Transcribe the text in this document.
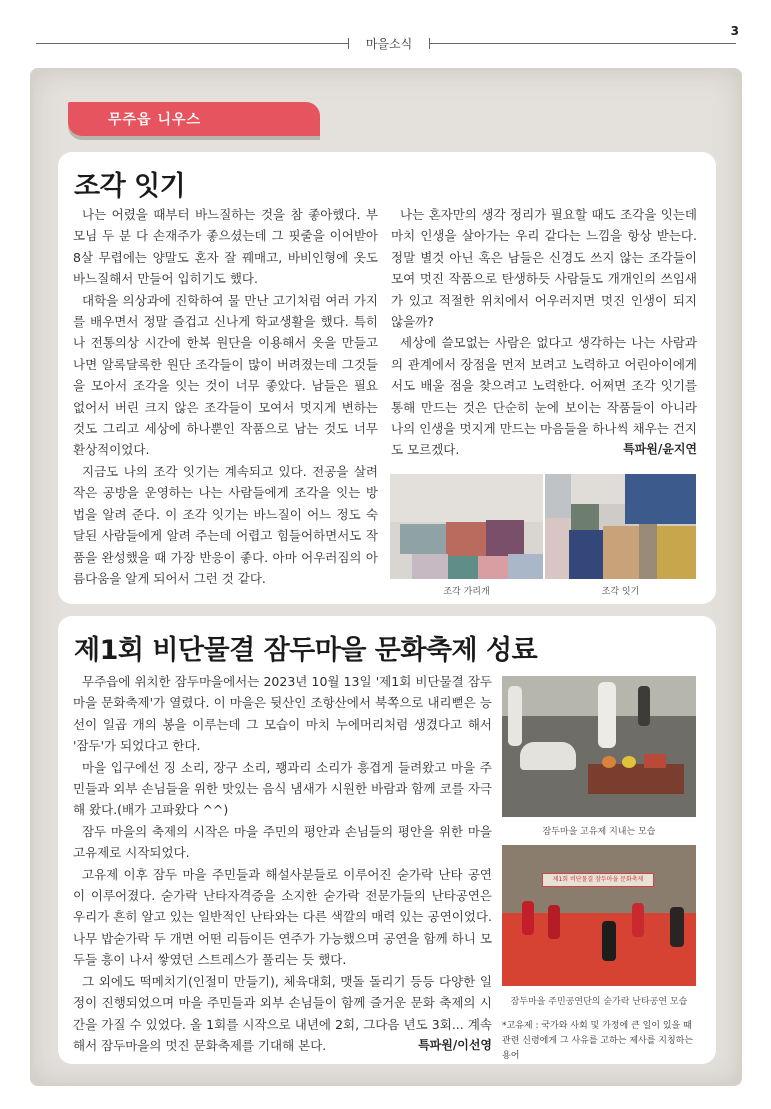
3
마을소식
무주읍 니우스
조각 잇기

나는 어렸을 때부터 바느질하는 것을 참 좋아했다. 부모님 두 분 다 손재주가 좋으셨는데 그 핏줄을 이어받아 8살 무렵에는 양말도 혼자 잘 꿰매고, 바비인형에 옷도 바느질해서 만들어 입히기도 했다.

대학을 의상과에 진학하여 물 만난 고기처럼 여러 가지를 배우면서 정말 즐겁고 신나게 학교생활을 했다. 특히 나 전통의상 시간에 한복 원단을 이용해서 옷을 만들고 나면 알록달록한 원단 조각들이 많이 버려졌는데 그것들을 모아서 조각을 잇는 것이 너무 좋았다. 남들은 필요 없어서 버린 크지 않은 조각들이 모여서 멋지게 변하는 것도 그리고 세상에 하나뿐인 작품으로 남는 것도 너무 환상적이었다.

지금도 나의 조각 잇기는 계속되고 있다. 전공을 살려 작은 공방을 운영하는 나는 사람들에게 조각을 잇는 방법을 알려 준다. 이 조각 잇기는 바느질이 어느 정도 숙달된 사람들에게 알려 주는데 어렵고 힘들어하면서도 작품을 완성했을 때 가장 반응이 좋다. 아마 어우러짐의 아름다움을 알게 되어서 그런 것 같다.

나는 혼자만의 생각 정리가 필요할 때도 조각을 잇는데 마치 인생을 살아가는 우리 같다는 느낌을 항상 받는다. 정말 별것 아닌 혹은 남들은 신경도 쓰지 않는 조각들이 모여 멋진 작품으로 탄생하듯 사람들도 개개인의 쓰임새가 있고 적절한 위치에서 어우러지면 멋진 인생이 되지 않을까?

세상에 쓸모없는 사람은 없다고 생각하는 나는 사람과의 관계에서 장점을 먼저 보려고 노력하고 어린아이에게서도 배울 점을 찾으려고 노력한다. 어쩌면 조각 잇기를 통해 만드는 것은 단순히 눈에 보이는 작품들이 아니라 나의 인생을 멋지게 만드는 마음들을 하나씩 채우는 건지도 모르겠다.	특파원/윤지연

조각 가리개	조각 잇기
제1회 비단물결 잠두마을 문화축제 성료

무주읍에 위치한 잠두마을에서는 2023년 10월 13일 '제1회 비단물결 잠두마을 문화축제'가 열렸다. 이 마을은 뒷산인 조항산에서 북쪽으로 내리뻗은 능선이 일곱 개의 봉을 이루는데 그 모습이 마치 누에머리처럼 생겼다고 해서 '잠두'가 되었다고 한다.

마을 입구에선 징 소리, 장구 소리, 꽹과리 소리가 흥겹게 들려왔고 마을 주민들과 외부 손님들을 위한 맛있는 음식 냄새가 시원한 바람과 함께 코를 자극해 왔다.(배가 고파왔다 ^^)

잠두 마을의 축제의 시작은 마을 주민의 평안과 손님들의 평안을 위한 마을 고유제로 시작되었다.

고유제 이후 잠두 마을 주민들과 해설사분들로 이루어진 숟가락 난타 공연이 이루어졌다. 숟가락 난타자격증을 소지한 숟가락 전문가들의 난타공연은 우리가 흔히 알고 있는 일반적인 난타와는 다른 색깔의 매력 있는 공연이었다. 나무 밥숟가락 두 개면 어떤 리듬이든 연주가 가능했으며 공연을 함께 하니 모두들 흥이 나서 쌓였던 스트레스가 풀리는 듯 했다.

그 외에도 떡메치기(인절미 만들기), 체육대회, 맷돌 돌리기 등등 다양한 일정이 진행되었으며 마을 주민들과 외부 손님들이 함께 즐거운 문화 축제의 시간을 가질 수 있었다. 올 1회를 시작으로 내년에 2회, 그다음 년도 3회... 계속해서 잠두마을의 멋진 문화축제를 기대해 본다.	특파원/이선영

잠두마을 고유제 지내는 모습
제1회 비단물결 잠두마을 문화축제
잠두마을 주민공연단의 숟가락 난타공연 모습
*고유제 : 국가와 사회 및 가정에 큰 일이 있을 때 관련 신령에게 그 사유를 고하는 제사를 지칭하는 용어
